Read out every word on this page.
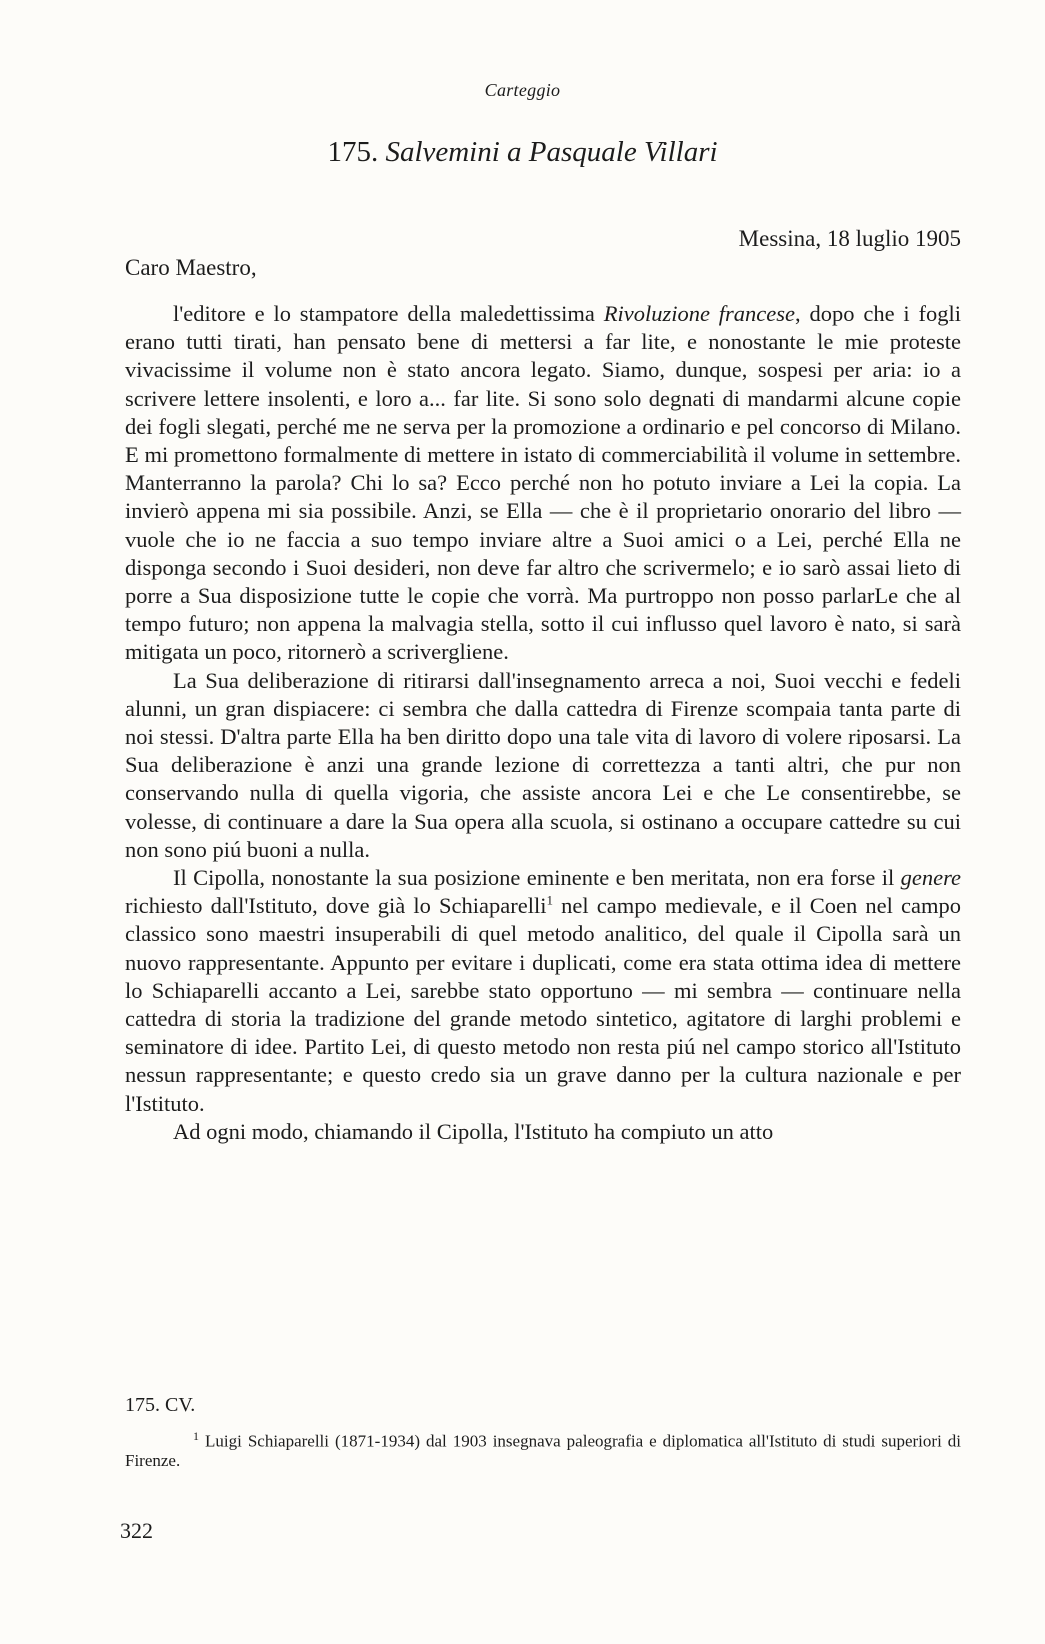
Carteggio
175. Salvemini a Pasquale Villari
Messina, 18 luglio 1905
Caro Maestro,

l'editore e lo stampatore della maledettissima Rivoluzione francese, dopo che i fogli erano tutti tirati, han pensato bene di mettersi a far lite, e nonostante le mie proteste vivacissime il volume non è stato ancora legato. Siamo, dunque, sospesi per aria: io a scrivere lettere insolenti, e loro a... far lite. Si sono solo degnati di mandarmi alcune copie dei fogli slegati, perché me ne serva per la promozione a ordinario e pel concorso di Milano. E mi promettono formalmente di mettere in istato di commerciabilità il volume in settembre. Manterranno la parola? Chi lo sa? Ecco perché non ho potuto inviare a Lei la copia. La invierò appena mi sia possibile. Anzi, se Ella — che è il proprietario onorario del libro — vuole che io ne faccia a suo tempo inviare altre a Suoi amici o a Lei, perché Ella ne disponga secondo i Suoi desideri, non deve far altro che scrivermelo; e io sarò assai lieto di porre a Sua disposizione tutte le copie che vorrà. Ma purtroppo non posso parlarLe che al tempo futuro; non appena la malvagia stella, sotto il cui influsso quel lavoro è nato, si sarà mitigata un poco, ritornerò a scrivergliene.

La Sua deliberazione di ritirarsi dall'insegnamento arreca a noi, Suoi vecchi e fedeli alunni, un gran dispiacere: ci sembra che dalla cattedra di Firenze scompaia tanta parte di noi stessi. D'altra parte Ella ha ben diritto dopo una tale vita di lavoro di volere riposarsi. La Sua deliberazione è anzi una grande lezione di correttezza a tanti altri, che pur non conservando nulla di quella vigoria, che assiste ancora Lei e che Le consentirebbe, se volesse, di continuare a dare la Sua opera alla scuola, si ostinano a occupare cattedre su cui non sono piú buoni a nulla.

Il Cipolla, nonostante la sua posizione eminente e ben meritata, non era forse il genere richiesto dall'Istituto, dove già lo Schiaparelli$^1$ nel campo medievale, e il Coen nel campo classico sono maestri insuperabili di quel metodo analitico, del quale il Cipolla sarà un nuovo rappresentante. Appunto per evitare i duplicati, come era stata ottima idea di mettere lo Schiaparelli accanto a Lei, sarebbe stato opportuno — mi sembra — continuare nella cattedra di storia la tradizione del grande metodo sintetico, agitatore di larghi problemi e seminatore di idee. Partito Lei, di questo metodo non resta piú nel campo storico all'Istituto nessun rappresentante; e questo credo sia un grave danno per la cultura nazionale e per l'Istituto.

Ad ogni modo, chiamando il Cipolla, l'Istituto ha compiuto un atto

175. CV.
$^1$ Luigi Schiaparelli (1871-1934) dal 1903 insegnava paleografia e diplomatica all'Istituto di studi superiori di Firenze.
322
